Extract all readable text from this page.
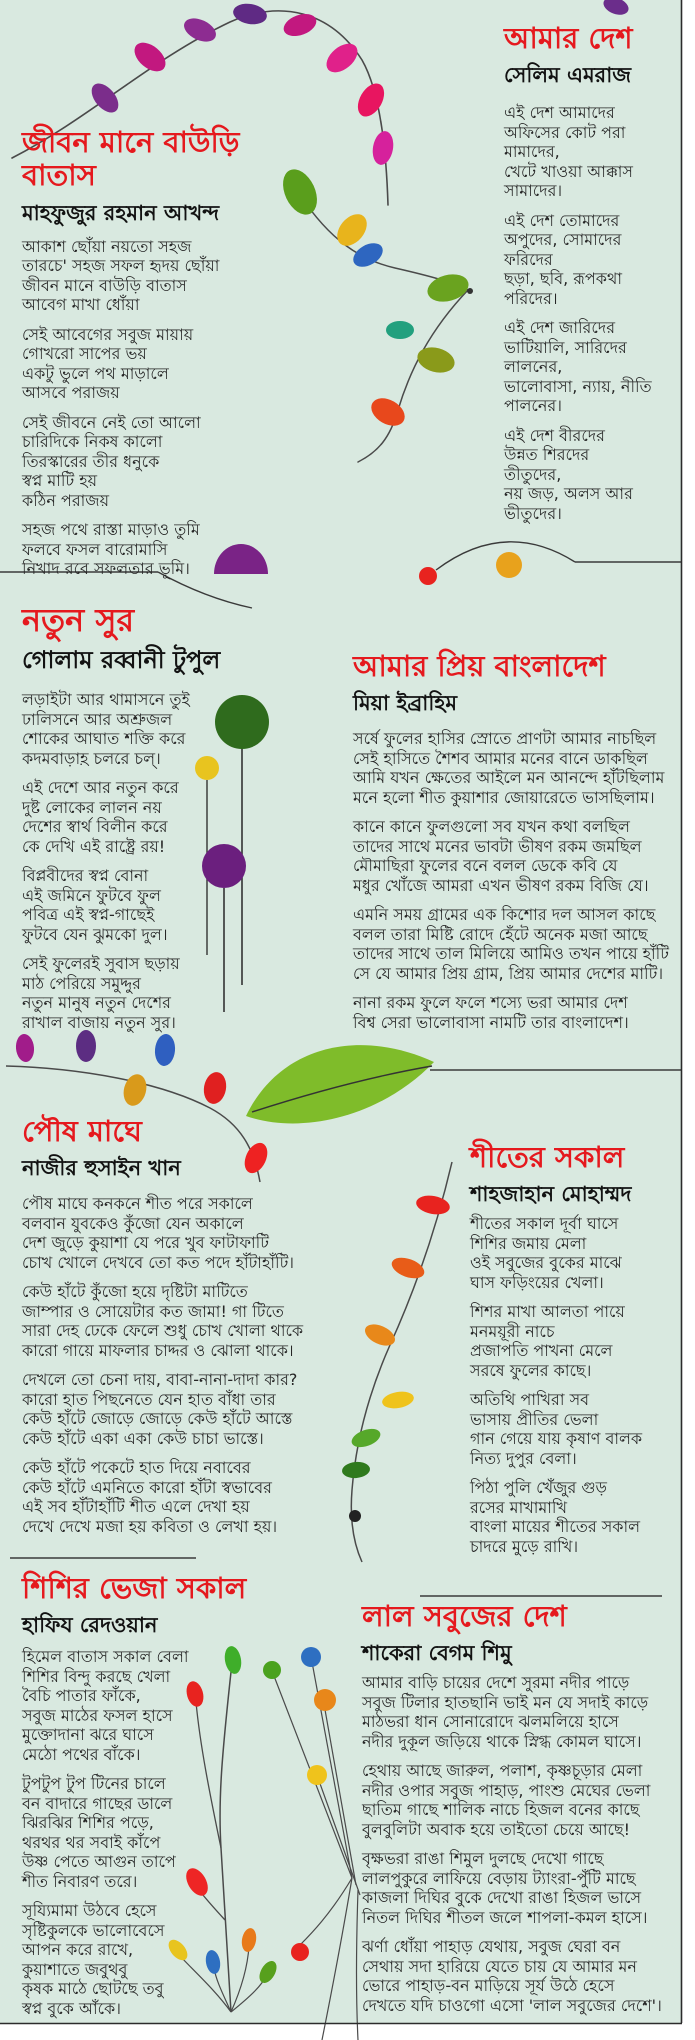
আমার দেশ
সেলিম এমরাজ

এই দেশ আমাদের
অফিসের কোট পরা
মামাদের,
খেটে খাওয়া আক্কাস
সামাদের।

এই দেশ তোমাদের
অপুদের, সোমাদের
ফরিদের
ছড়া, ছবি, রূপকথা
পরিদের।

এই দেশ জারিদের
ভাটিয়ালি, সারিদের
লালনের,
ভালোবাসা, ন্যায়, নীতি
পালনের।

এই দেশ বীরদের
উন্নত শিরদের
তীতুদের,
নয় জড়, অলস আর
ভীতুদের।

জীবন মানে বাউড়ি বাতাস
মাহফুজুর রহমান আখন্দ

আকাশ ছোঁয়া নয়তো সহজ
তারচে' সহজ সফল হৃদয় ছোঁয়া
জীবন মানে বাউড়ি বাতাস
আবেগ মাখা ধোঁয়া

সেই আবেগের সবুজ মায়ায়
গোখরো সাপের ভয়
একটু ভুলে পথ মাড়ালে
আসবে পরাজয়

সেই জীবনে নেই তো আলো
চারিদিকে নিকষ কালো
তিরস্কারের তীর ধনুকে
স্বপ্ন মাটি হয়
কঠিন পরাজয়

সহজ পথে রাস্তা মাড়াও তুমি
ফলবে ফসল বারোমাসি
নিখাদ রবে সফলতার ভূমি।

নতুন সুর
গোলাম রব্বানী টুপুল

লড়াইটা আর থামাসনে তুই
ঢালিসনে আর অশ্রুজল
শোকের আঘাত শক্তি করে
কদমবাড়াহ় চলরে চল্।

এই দেশে আর নতুন করে
দুষ্ট লোকের লালন নয়
দেশের স্বার্থ বিলীন করে
কে দেখি এই রাষ্ট্রে রয়!

বিপ্লবীদের স্বপ্ন বোনা
এই জমিনে ফুটবে ফুল
পবিত্র এই স্বপ্ন-গাছেই
ফুটবে যেন ঝুমকো দুল।

সেই ফুলেরই সুবাস ছড়ায়
মাঠ পেরিয়ে সমুদ্দুর
নতুন মানুষ নতুন দেশের
রাখাল বাজায় নতুন সুর।

আমার প্রিয় বাংলাদেশ
মিয়া ইব্রাহিম

সর্ষে ফুলের হাসির স্রোতে প্রাণটা আমার নাচছিল
সেই হাসিতে শৈশব আমার মনের বানে ডাকছিল
আমি যখন ক্ষেতের আইলে মন আনন্দে হাঁটছিলাম
মনে হলো শীত কুয়াশার জোয়ারেতে ভাসছিলাম।

কানে কানে ফুলগুলো সব যখন কথা বলছিল
তাদের সাথে মনের ভাবটা ভীষণ রকম জমছিল
মৌমাছিরা ফুলের বনে বলল ডেকে কবি যে
মধুর খোঁজে আমরা এখন ভীষণ রকম বিজি যে।

এমনি সময় গ্রামের এক কিশোর দল আসল কাছে
বলল তারা মিষ্টি রোদে হেঁটে অনেক মজা আছে
তাদের সাথে তাল মিলিয়ে আমিও তখন পায়ে হাঁটি
সে যে আমার প্রিয় গ্রাম, প্রিয় আমার দেশের মাটি।

নানা রকম ফুলে ফলে শস্যে ভরা আমার দেশ
বিশ্ব সেরা ভালোবাসা নামটি তার বাংলাদেশ।

পৌষ মাঘে
নাজীর হুসাইন খান

পৌষ মাঘে কনকনে শীত পরে সকালে
বলবান যুবকেও কুঁজো যেন অকালে
দেশ জুড়ে কুয়াশা যে পরে খুব ফাটাফাটি
চোখ খোলে দেখবে তো কত পদে হাঁটাহাঁটি।

কেউ হাঁটে কুঁজো হয়ে দৃষ্টিটা মাটিতে
জাম্পার ও সোয়েটার কত জামা! গা টিতে
সারা দেহ ঢেকে ফেলে শুধু চোখ খোলা থাকে
কারো গায়ে মাফলার চাদ্দর ও ঝোলা থাকে।

দেখলে তো চেনা দায়, বাবা-নানা-দাদা কার?
কারো হাত পিছনেতে যেন হাত বাঁধা তার
কেউ হাঁটে জোড়ে জোড়ে কেউ হাঁটে আস্তে
কেউ হাঁটে একা একা কেউ চাচা ভাস্তে।

কেউ হাঁটে পকেটে হাত দিয়ে নবাবের
কেউ হাঁটে এমনিতে কারো হাঁটা স্বভাবের
এই সব হাঁটাহাঁটি শীত এলে দেখা হয়
দেখে দেখে মজা হয় কবিতা ও লেখা হয়।

শীতের সকাল
শাহজাহান মোহাম্মদ

শীতের সকাল দূর্বা ঘাসে
শিশির জমায় মেলা
ওই সবুজের বুকের মাঝে
ঘাস ফড়িংয়ের খেলা।

শিশর মাখা আলতা পায়ে
মনময়ূরী নাচে
প্রজাপতি পাখনা মেলে
সরষে ফুলের কাছে।

অতিথি পাখিরা সব
ভাসায় প্রীতির ভেলা
গান গেয়ে যায় কৃষাণ বালক
নিত্য দুপুর বেলা।

পিঠা পুলি খেঁজুর গুড়
রসের মাখামাখি
বাংলা মায়ের শীতের সকাল
চাদরে মুড়ে রাখি।

শিশির ভেজা সকাল
হাফিয রেদওয়ান

হিমেল বাতাস সকাল বেলা
শিশির বিন্দু করছে খেলা
বৈচি পাতার ফাঁকে,
সবুজ মাঠের ফসল হাসে
মুক্তোদানা ঝরে ঘাসে
মেঠো পথের বাঁকে।

টুপটুপ টুপ টিনের চালে
বন বাদারে গাছের ডালে
ঝিরঝির শিশির পড়ে,
থরথর থর সবাই কাঁপে
উষ্ণ পেতে আগুন তাপে
শীত নিবারণ তরে।

সূয্যিমামা উঠবে হেসে
সৃষ্টিকুলকে ভালোবেসে
আপন করে রাখে,
কুয়াশাতে জবুথবু
কৃষক মাঠে ছোটছে তবু
স্বপ্ন বুকে আঁকে।

লাল সবুজের দেশ
শাকেরা বেগম শিমু

আমার বাড়ি চায়ের দেশে সুরমা নদীর পাড়ে
সবুজ টিলার হাতছানি ভাই মন যে সদাই কাড়ে
মাঠভরা ধান সোনারোদে ঝলমলিয়ে হাসে
নদীর দুকূল জড়িয়ে থাকে স্নিগ্ধ কোমল ঘাসে।

হেথায় আছে জারুল, পলাশ, কৃষ্ণচূড়ার মেলা
নদীর ওপার সবুজ পাহাড়, পাংশু মেঘের ভেলা
ছাতিম গাছে শালিক নাচে হিজল বনের কাছে
বুলবুলিটা অবাক হয়ে তাইতো চেয়ে আছে!

বৃক্ষভরা রাঙা শিমুল দুলছে দেখো গাছে
লালপুকুরে লাফিয়ে বেড়ায় ট্যাংরা-পুঁটি মাছে
কাজলা দিঘির বুকে দেখো রাঙা হিজল ভাসে
নিতল দিঘির শীতল জলে শাপলা-কমল হাসে।

ঝর্ণা ধোঁয়া পাহাড় যেথায়, সবুজ ঘেরা বন
সেথায় সদা হারিয়ে যেতে চায় যে আমার মন
ভোরে পাহাড়-বন মাড়িয়ে সূর্য উঠে হেসে
দেখতে যদি চাওগো এসো 'লাল সবুজের দেশে'।
